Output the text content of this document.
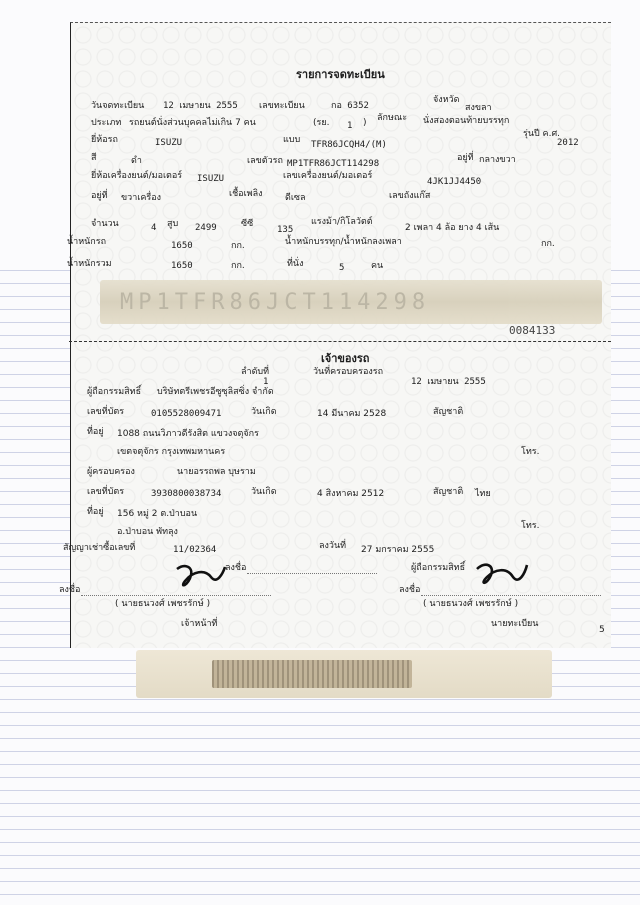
รายการจดทะเบียน
วันจดทะเบียน 12 เมษายน 2555 เลขทะเบียน	กอ 6352
จังหวัด
สงขลา
ประเภท รถยนต์นั่งส่วนบุคคลไม่เกิน 7 คน	(รย. 1 ) ลักษณะ นั่งสองตอนท้ายบรรทุก
ยี่ห้อรถ	ISUZU	แบบ TFR86JCQH4/(M)
รุ่นปี ค.ศ.
2012
สี	ดำ	เลขตัวรถ MP1TFR86JCT114298
อยู่ที่ กลางขวา
ยี่ห้อเครื่องยนต์/มอเตอร์ ISUZU	เลขเครื่องยนต์/มอเตอร์
4JK1JJ4450
อยู่ที่ ขวาเครื่อง	เชื้อเพลิง ดีเซล	เลขถังแก๊ส
จำนวน	4 สูบ 2499	ซีซี
135
แรงม้า/กิโลวัตต์
2 เพลา 4 ล้อ ยาง 4 เส้น
น้ำหนักรถ	1650	กก.	น้ำหนักบรรทุก/น้ำหนักลงเพลา	กก.
น้ำหนักรวม	1650	กก.	ที่นั่ง	5	คน
0084133
เจ้าของรถ
ลำดับที่
1
วันที่ครอบครองรถ
12 เมษายน 2555
ผู้ถือกรรมสิทธิ์ บริษัทตรีเพชรอีซูซุลิสซิ่ง จำกัด
เลขที่บัตร	0105528009471	วันเกิด	14 มีนาคม 2528	สัญชาติ
ที่อยู่ 1088 ถนนวิภาวดีรังสิต แขวงจตุจักร
เขตจตุจักร กรุงเทพมหานคร	โทร.
ผู้ครอบครอง	นายอรรถพล บุษราม
เลขที่บัตร	3930800038734	วันเกิด	4 สิงหาคม 2512	สัญชาติ ไทย
ที่อยู่ 156 หมู่ 2 ต.ป่าบอน
อ.ป่าบอน พัทลุง
โทร.
สัญญาเช่าซื้อเลขที่	11/02364	ลงวันที่ 27 มกราคม 2555
ลงชื่อ	ผู้ถือกรรมสิทธิ์
ลงชื่อ	ลงชื่อ
( นายธนวงศ์ เพชรรักษ์ )
เจ้าหน้าที่
( นายธนวงศ์ เพชรรักษ์ )
นายทะเบียน
5
MP1TFR86JCT114298
